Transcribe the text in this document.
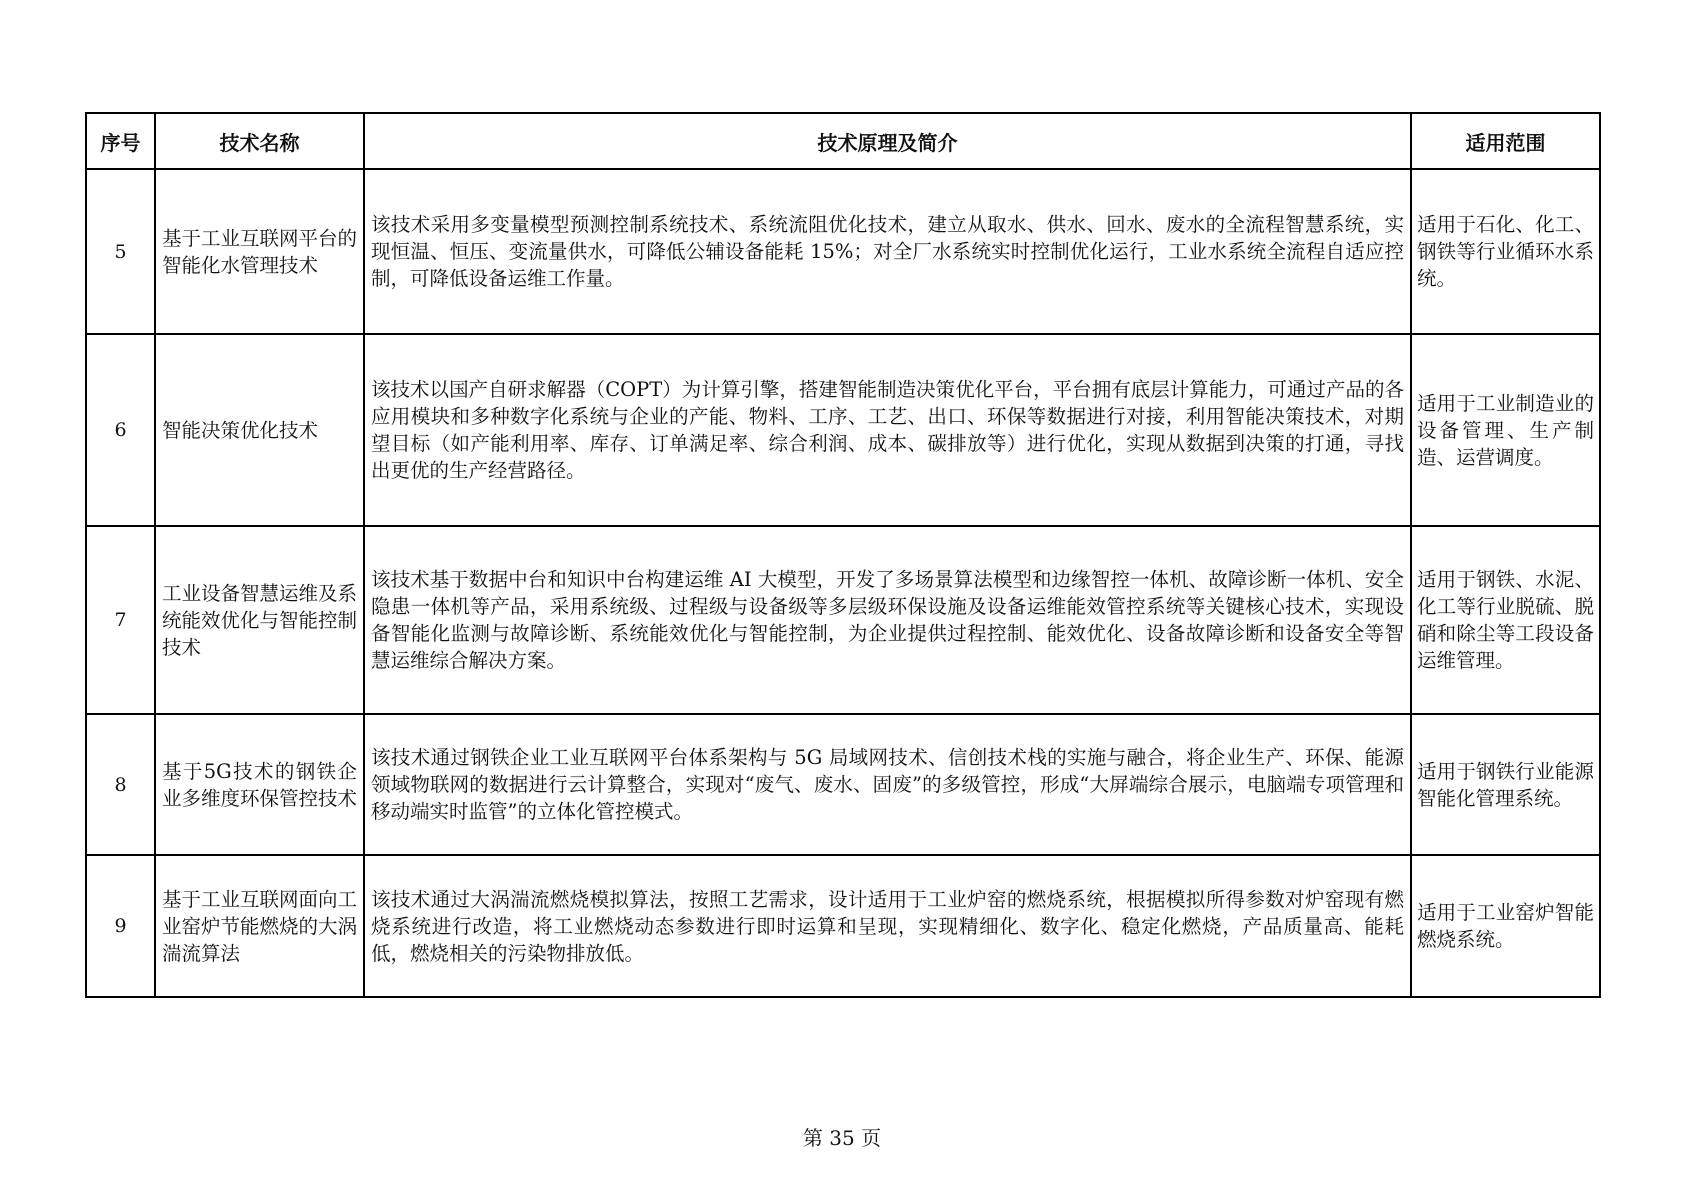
序号	技术名称	技术原理及简介	适用范围
5	基于工业互联网平台的智能化水管理技术	该技术采用多变量模型预测控制系统技术、系统流阻优化技术，建立从取水、供水、回水、废水的全流程智慧系统，实现恒温、恒压、变流量供水，可降低公辅设备能耗 15%；对全厂水系统实时控制优化运行，工业水系统全流程自适应控制，可降低设备运维工作量。	适用于石化、化工、钢铁等行业循环水系统。
6	智能决策优化技术	该技术以国产自研求解器（COPT）为计算引擎，搭建智能制造决策优化平台，平台拥有底层计算能力，可通过产品的各应用模块和多种数字化系统与企业的产能、物料、工序、工艺、出口、环保等数据进行对接，利用智能决策技术，对期望目标（如产能利用率、库存、订单满足率、综合利润、成本、碳排放等）进行优化，实现从数据到决策的打通，寻找出更优的生产经营路径。	适用于工业制造业的设备管理、生产制造、运营调度。
7	工业设备智慧运维及系统能效优化与智能控制技术	该技术基于数据中台和知识中台构建运维 AI 大模型，开发了多场景算法模型和边缘智控一体机、故障诊断一体机、安全隐患一体机等产品，采用系统级、过程级与设备级等多层级环保设施及设备运维能效管控系统等关键核心技术，实现设备智能化监测与故障诊断、系统能效优化与智能控制，为企业提供过程控制、能效优化、设备故障诊断和设备安全等智慧运维综合解决方案。	适用于钢铁、水泥、化工等行业脱硫、脱硝和除尘等工段设备运维管理。
8	基于5G技术的钢铁企业多维度环保管控技术	该技术通过钢铁企业工业互联网平台体系架构与 5G 局域网技术、信创技术栈的实施与融合，将企业生产、环保、能源领域物联网的数据进行云计算整合，实现对“废气、废水、固废”的多级管控，形成“大屏端综合展示，电脑端专项管理和移动端实时监管”的立体化管控模式。	适用于钢铁行业能源智能化管理系统。
9	基于工业互联网面向工业窑炉节能燃烧的大涡湍流算法	该技术通过大涡湍流燃烧模拟算法，按照工艺需求，设计适用于工业炉窑的燃烧系统，根据模拟所得参数对炉窑现有燃烧系统进行改造，将工业燃烧动态参数进行即时运算和呈现，实现精细化、数字化、稳定化燃烧，产品质量高、能耗低，燃烧相关的污染物排放低。	适用于工业窑炉智能燃烧系统。
第 35 页
